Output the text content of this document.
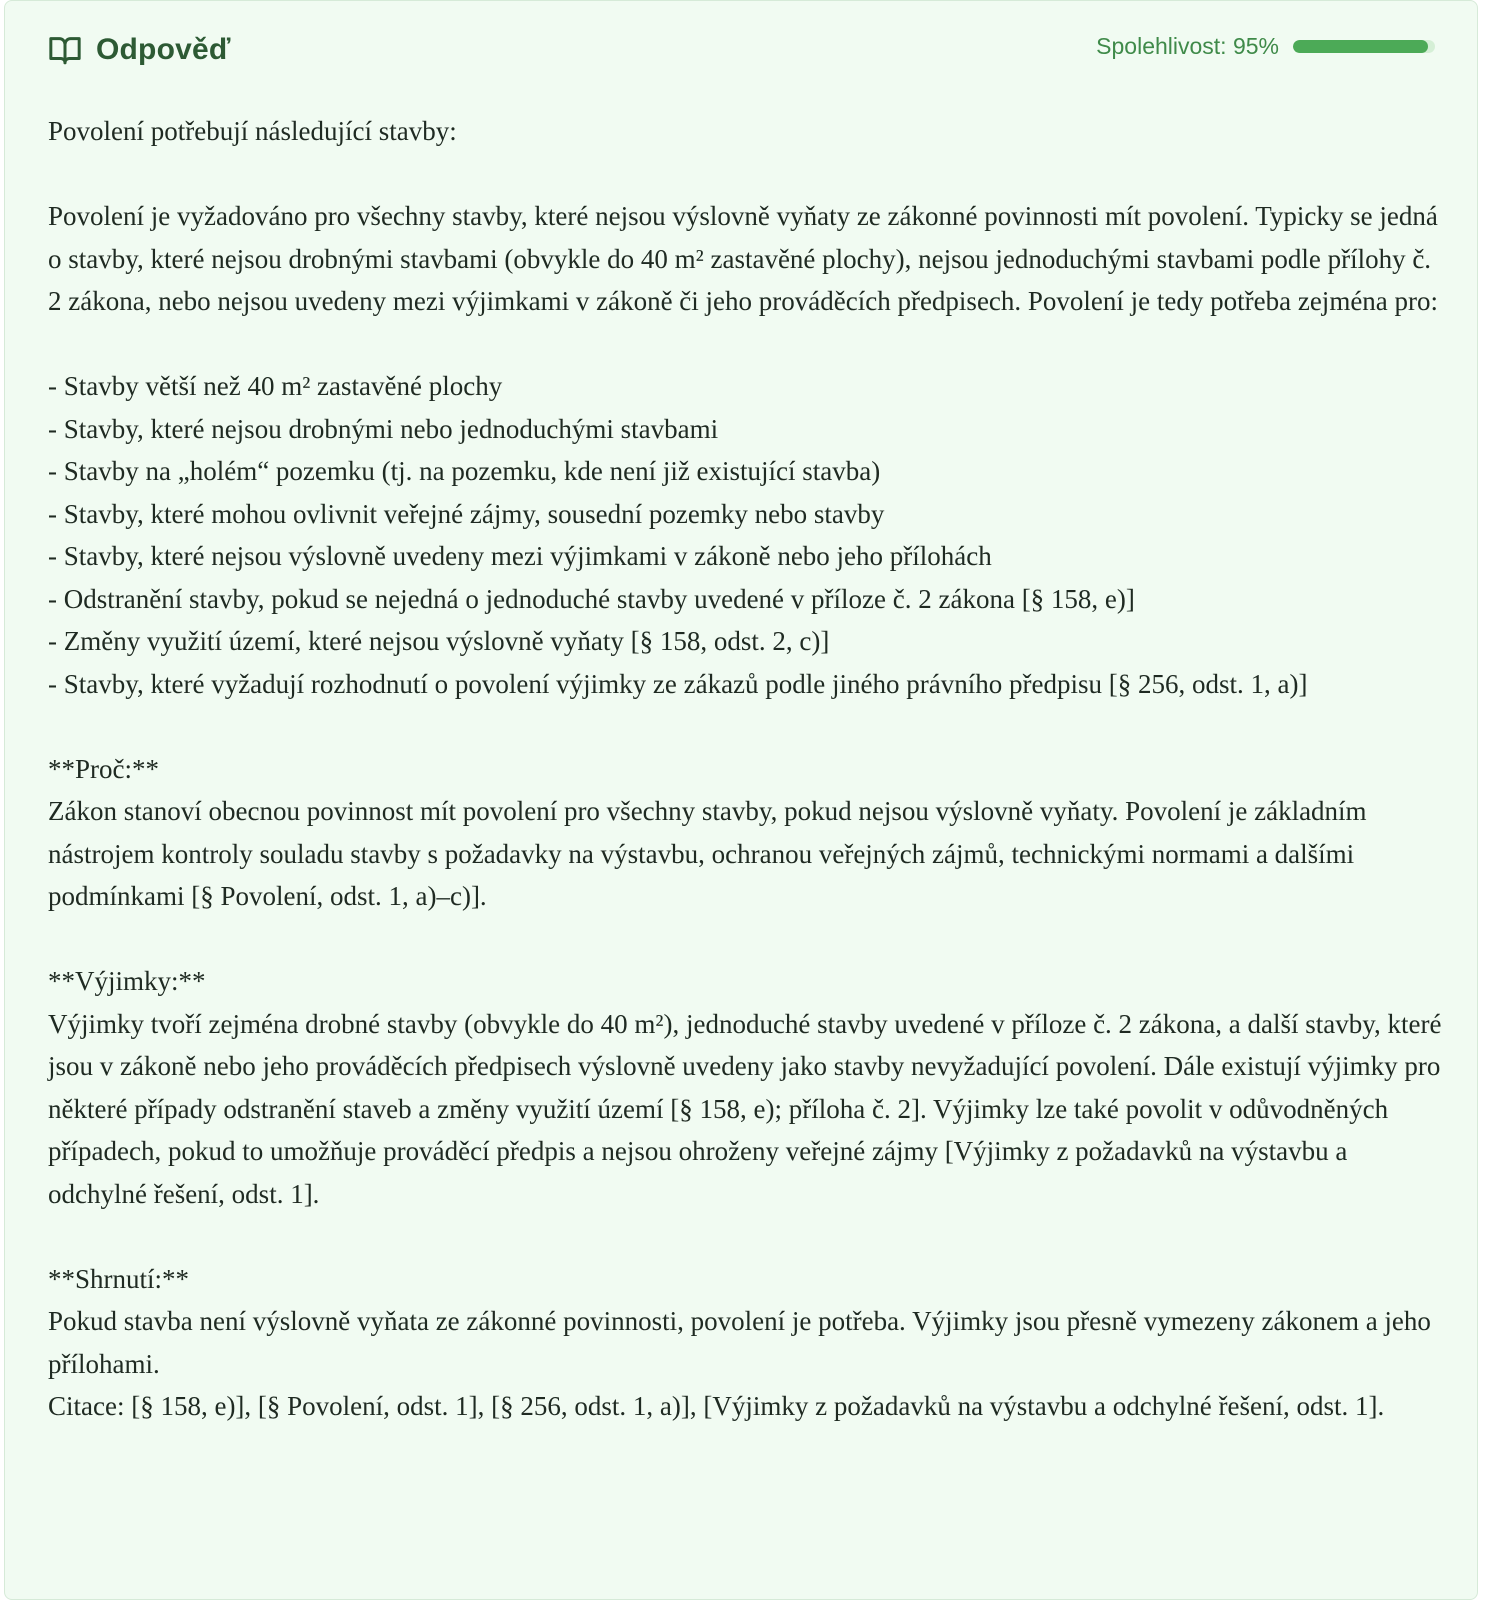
Odpověď	Spolehlivost: 95%

Povolení potřebují následující stavby:

Povolení je vyžadováno pro všechny stavby, které nejsou výslovně vyňaty ze zákonné povinnosti mít povolení. Typicky se jedná o stavby, které nejsou drobnými stavbami (obvykle do 40 m² zastavěné plochy), nejsou jednoduchými stavbami podle přílohy č. 2 zákona, nebo nejsou uvedeny mezi výjimkami v zákoně či jeho prováděcích předpisech. Povolení je tedy potřeba zejména pro:

- Stavby větší než 40 m² zastavěné plochy

- Stavby, které nejsou drobnými nebo jednoduchými stavbami

- Stavby na „holém“ pozemku (tj. na pozemku, kde není již existující stavba)

- Stavby, které mohou ovlivnit veřejné zájmy, sousední pozemky nebo stavby

- Stavby, které nejsou výslovně uvedeny mezi výjimkami v zákoně nebo jeho přílohách

- Odstranění stavby, pokud se nejedná o jednoduché stavby uvedené v příloze č. 2 zákona [§ 158, e)]

- Změny využití území, které nejsou výslovně vyňaty [§ 158, odst. 2, c)]

- Stavby, které vyžadují rozhodnutí o povolení výjimky ze zákazů podle jiného právního předpisu [§ 256, odst. 1, a)]

**Proč:**

Zákon stanoví obecnou povinnost mít povolení pro všechny stavby, pokud nejsou výslovně vyňaty. Povolení je základním nástrojem kontroly souladu stavby s požadavky na výstavbu, ochranou veřejných zájmů, technickými normami a dalšími podmínkami [§ Povolení, odst. 1, a)–c)].

**Výjimky:**

Výjimky tvoří zejména drobné stavby (obvykle do 40 m²), jednoduché stavby uvedené v příloze č. 2 zákona, a další stavby, které jsou v zákoně nebo jeho prováděcích předpisech výslovně uvedeny jako stavby nevyžadující povolení. Dále existují výjimky pro některé případy odstranění staveb a změny využití území [§ 158, e); příloha č. 2]. Výjimky lze také povolit v odůvodněných případech, pokud to umožňuje prováděcí předpis a nejsou ohroženy veřejné zájmy [Výjimky z požadavků na výstavbu a odchylné řešení, odst. 1].

**Shrnutí:**

Pokud stavba není výslovně vyňata ze zákonné povinnosti, povolení je potřeba. Výjimky jsou přesně vymezeny zákonem a jeho přílohami.

Citace: [§ 158, e)], [§ Povolení, odst. 1], [§ 256, odst. 1, a)], [Výjimky z požadavků na výstavbu a odchylné řešení, odst. 1].
